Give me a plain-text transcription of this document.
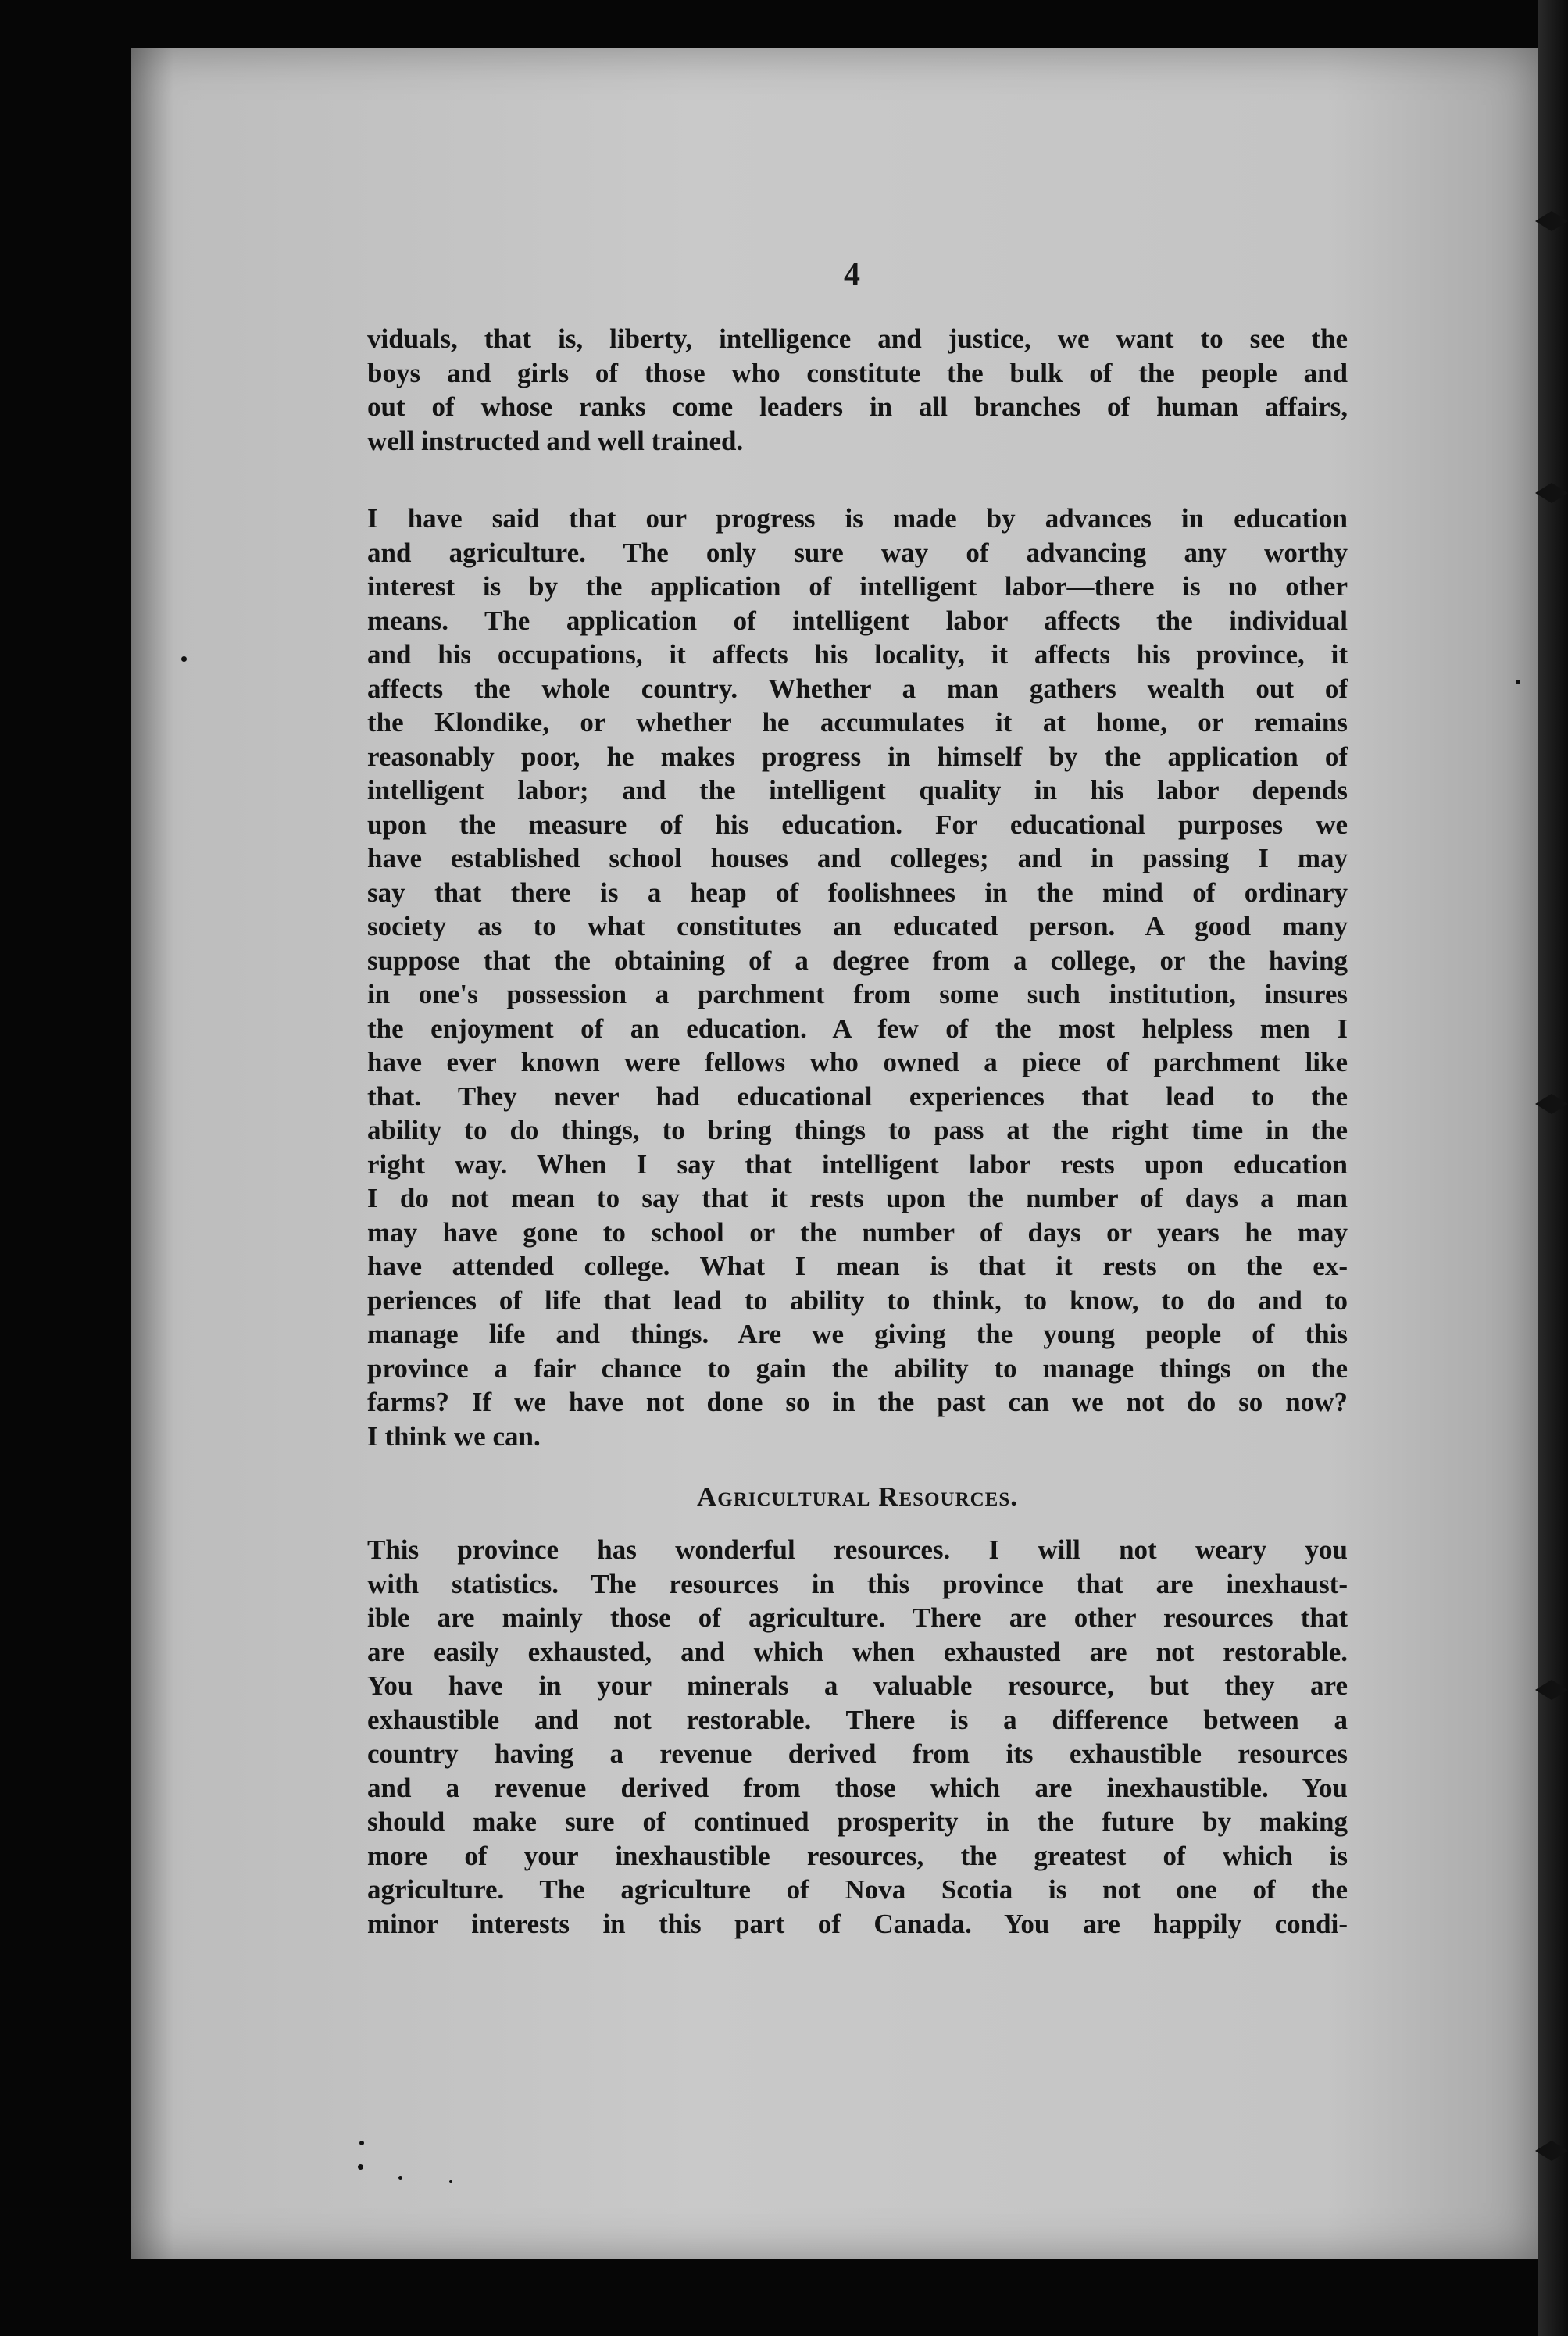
4
viduals, that is, liberty, intelligence and justice, we want to see the
boys and girls of those who constitute the bulk of the people and
out of whose ranks come leaders in all branches of human affairs,
well instructed and well trained.
I have said that our progress is made by advances in education
and agriculture. The only sure way of advancing any worthy
interest is by the application of intelligent labor—there is no other
means. The application of intelligent labor affects the individual
and his occupations, it affects his locality, it affects his province, it
affects the whole country. Whether a man gathers wealth out of
the Klondike, or whether he accumulates it at home, or remains
reasonably poor, he makes progress in himself by the application of
intelligent labor; and the intelligent quality in his labor depends
upon the measure of his education. For educational purposes we
have established school houses and colleges; and in passing I may
say that there is a heap of foolishnees in the mind of ordinary
society as to what constitutes an educated person. A good many
suppose that the obtaining of a degree from a college, or the having
in one's possession a parchment from some such institution, insures
the enjoyment of an education. A few of the most helpless men I
have ever known were fellows who owned a piece of parchment like
that. They never had educational experiences that lead to the
ability to do things, to bring things to pass at the right time in the
right way. When I say that intelligent labor rests upon education
I do not mean to say that it rests upon the number of days a man
may have gone to school or the number of days or years he may
have attended college. What I mean is that it rests on the ex-
periences of life that lead to ability to think, to know, to do and to
manage life and things. Are we giving the young people of this
province a fair chance to gain the ability to manage things on the
farms? If we have not done so in the past can we not do so now?
I think we can.
Agricultural Resources.
This province has wonderful resources. I will not weary you
with statistics. The resources in this province that are inexhaust-
ible are mainly those of agriculture. There are other resources that
are easily exhausted, and which when exhausted are not restorable.
You have in your minerals a valuable resource, but they are
exhaustible and not restorable. There is a difference between a
country having a revenue derived from its exhaustible resources
and a revenue derived from those which are inexhaustible. You
should make sure of continued prosperity in the future by making
more of your inexhaustible resources, the greatest of which is
agriculture. The agriculture of Nova Scotia is not one of the
minor interests in this part of Canada. You are happily condi-
